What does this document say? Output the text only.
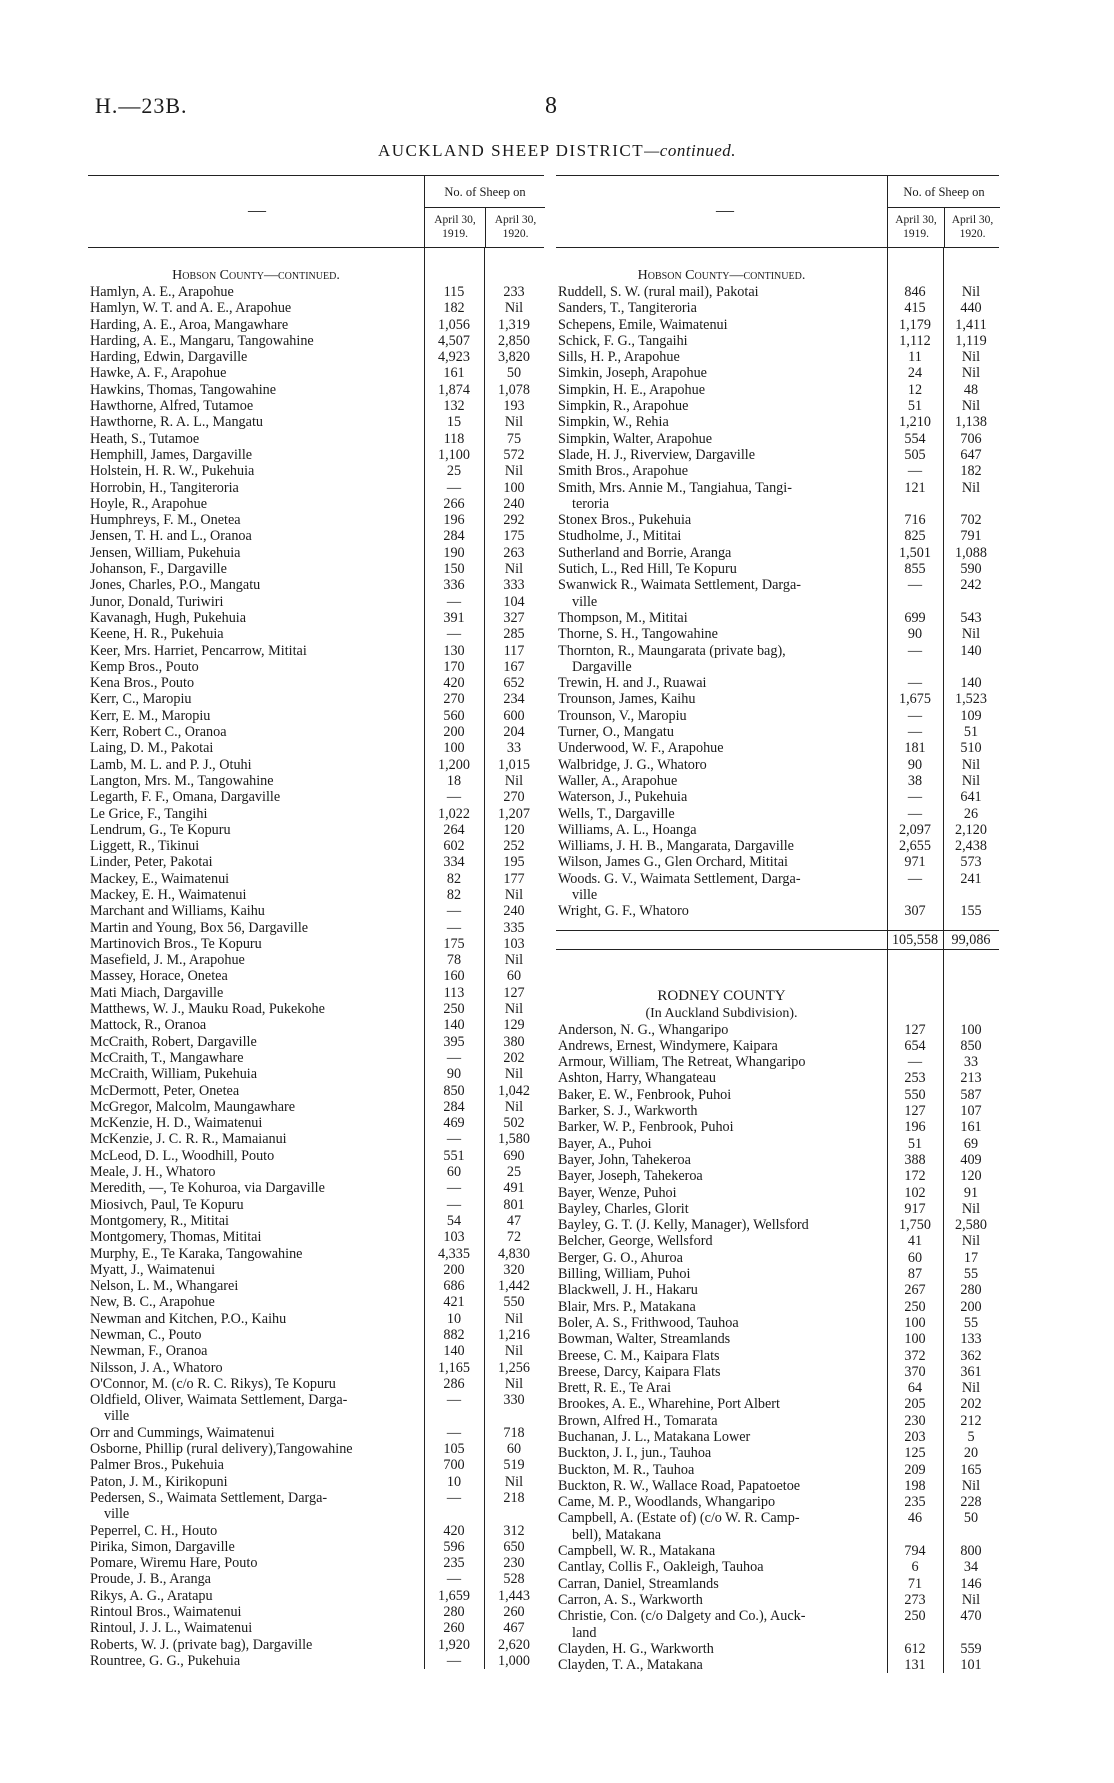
H.—23B.	8
AUCKLAND SHEEP DISTRICT—continued.
—
No. of Sheep on
April 30, 1919.
April 30, 1920.
Hobson County—continued.
Hamlyn, A. E., Arapohue	115	233
Hamlyn, W. T. and A. E., Arapohue	182	Nil
Harding, A. E., Aroa, Mangawhare	1,056	1,319
Harding, A. E., Mangaru, Tangowahine	4,507	2,850
Harding, Edwin, Dargaville	4,923	3,820
Hawke, A. F., Arapohue	161	50
Hawkins, Thomas, Tangowahine	1,874	1,078
Hawthorne, Alfred, Tutamoe	132	193
Hawthorne, R. A. L., Mangatu	15	Nil
Heath, S., Tutamoe	118	75
Hemphill, James, Dargaville	1,100	572
Holstein, H. R. W., Pukehuia	25	Nil
Horrobin, H., Tangiteroria	—	100
Hoyle, R., Arapohue	266	240
Humphreys, F. M., Onetea	196	292
Jensen, T. H. and L., Oranoa	284	175
Jensen, William, Pukehuia	190	263
Johanson, F., Dargaville	150	Nil
Jones, Charles, P.O., Mangatu	336	333
Junor, Donald, Turiwiri	—	104
Kavanagh, Hugh, Pukehuia	391	327
Keene, H. R., Pukehuia	—	285
Keer, Mrs. Harriet, Pencarrow, Mititai	130	117
Kemp Bros., Pouto	170	167
Kena Bros., Pouto	420	652
Kerr, C., Maropiu	270	234
Kerr, E. M., Maropiu	560	600
Kerr, Robert C., Oranoa	200	204
Laing, D. M., Pakotai	100	33
Lamb, M. L. and P. J., Otuhi	1,200	1,015
Langton, Mrs. M., Tangowahine	18	Nil
Legarth, F. F., Omana, Dargaville	—	270
Le Grice, F., Tangihi	1,022	1,207
Lendrum, G., Te Kopuru	264	120
Liggett, R., Tikinui	602	252
Linder, Peter, Pakotai	334	195
Mackey, E., Waimatenui	82	177
Mackey, E. H., Waimatenui	82	Nil
Marchant and Williams, Kaihu	—	240
Martin and Young, Box 56, Dargaville	—	335
Martinovich Bros., Te Kopuru	175	103
Masefield, J. M., Arapohue	78	Nil
Massey, Horace, Onetea	160	60
Mati Miach, Dargaville	113	127
Matthews, W. J., Mauku Road, Pukekohe	250	Nil
Mattock, R., Oranoa	140	129
McCraith, Robert, Dargaville	395	380
McCraith, T., Mangawhare	—	202
McCraith, William, Pukehuia	90	Nil
McDermott, Peter, Onetea	850	1,042
McGregor, Malcolm, Maungawhare	284	Nil
McKenzie, H. D., Waimatenui	469	502
McKenzie, J. C. R. R., Mamaianui	—	1,580
McLeod, D. L., Woodhill, Pouto	551	690
Meale, J. H., Whatoro	60	25
Meredith, —, Te Kohuroa, via Dargaville	—	491
Miosivch, Paul, Te Kopuru	—	801
Montgomery, R., Mititai	54	47
Montgomery, Thomas, Mititai	103	72
Murphy, E., Te Karaka, Tangowahine	4,335	4,830
Myatt, J., Waimatenui	200	320
Nelson, L. M., Whangarei	686	1,442
New, B. C., Arapohue	421	550
Newman and Kitchen, P.O., Kaihu	10	Nil
Newman, C., Pouto	882	1,216
Newman, F., Oranoa	140	Nil
Nilsson, J. A., Whatoro	1,165	1,256
O'Connor, M. (c/o R. C. Rikys), Te Kopuru	286	Nil
Oldfield, Oliver, Waimata Settlement, Darga-
ville
—	330
Orr and Cummings, Waimatenui	—	718
Osborne, Phillip (rural delivery),Tangowahine	105	60
Palmer Bros., Pukehuia	700	519
Paton, J. M., Kirikopuni	10	Nil
Pedersen, S., Waimata Settlement, Darga-
ville
—	218
Peperrel, C. H., Houto	420	312
Pirika, Simon, Dargaville	596	650
Pomare, Wiremu Hare, Pouto	235	230
Proude, J. B., Aranga	—	528
Rikys, A. G., Aratapu	1,659	1,443
Rintoul Bros., Waimatenui	280	260
Rintoul, J. J. L., Waimatenui	260	467
Roberts, W. J. (private bag), Dargaville	1,920	2,620
Rountree, G. G., Pukehuia	—	1,000
—
No. of Sheep on
April 30, 1919.
April 30, 1920.
Hobson County—continued.
Ruddell, S. W. (rural mail), Pakotai	846	Nil
Sanders, T., Tangiteroria	415	440
Schepens, Emile, Waimatenui	1,179	1,411
Schick, F. G., Tangaihi	1,112	1,119
Sills, H. P., Arapohue	11	Nil
Simkin, Joseph, Arapohue	24	Nil
Simpkin, H. E., Arapohue	12	48
Simpkin, R., Arapohue	51	Nil
Simpkin, W., Rehia	1,210	1,138
Simpkin, Walter, Arapohue	554	706
Slade, H. J., Riverview, Dargaville	505	647
Smith Bros., Arapohue	—	182
Smith, Mrs. Annie M., Tangiahua, Tangi-
teroria
121	Nil
Stonex Bros., Pukehuia	716	702
Studholme, J., Mititai	825	791
Sutherland and Borrie, Aranga	1,501	1,088
Sutich, L., Red Hill, Te Kopuru	855	590
Swanwick R., Waimata Settlement, Darga-
ville
—	242
Thompson, M., Mititai	699	543
Thorne, S. H., Tangowahine	90	Nil
Thornton, R., Maungarata (private bag),
Dargaville
—	140
Trewin, H. and J., Ruawai	—	140
Trounson, James, Kaihu	1,675	1,523
Trounson, V., Maropiu	—	109
Turner, O., Mangatu	—	51
Underwood, W. F., Arapohue	181	510
Walbridge, J. G., Whatoro	90	Nil
Waller, A., Arapohue	38	Nil
Waterson, J., Pukehuia	—	641
Wells, T., Dargaville	—	26
Williams, A. L., Hoanga	2,097	2,120
Williams, J. H. B., Mangarata, Dargaville	2,655	2,438
Wilson, James G., Glen Orchard, Mititai	971	573
Woods. G. V., Waimata Settlement, Darga-
ville
—	241
Wright, G. F., Whatoro	307	155
105,558 99,086
RODNEY COUNTY
(In Auckland Subdivision).
Anderson, N. G., Whangaripo	127	100
Andrews, Ernest, Windymere, Kaipara	654	850
Armour, William, The Retreat, Whangaripo	—	33
Ashton, Harry, Whangateau	253	213
Baker, E. W., Fenbrook, Puhoi	550	587
Barker, S. J., Warkworth	127	107
Barker, W. P., Fenbrook, Puhoi	196	161
Bayer, A., Puhoi	51	69
Bayer, John, Tahekeroa	388	409
Bayer, Joseph, Tahekeroa	172	120
Bayer, Wenze, Puhoi	102	91
Bayley, Charles, Glorit	917	Nil
Bayley, G. T. (J. Kelly, Manager), Wellsford	1,750	2,580
Belcher, George, Wellsford	41	Nil
Berger, G. O., Ahuroa	60	17
Billing, William, Puhoi	87	55
Blackwell, J. H., Hakaru	267	280
Blair, Mrs. P., Matakana	250	200
Boler, A. S., Frithwood, Tauhoa	100	55
Bowman, Walter, Streamlands	100	133
Breese, C. M., Kaipara Flats	372	362
Breese, Darcy, Kaipara Flats	370	361
Brett, R. E., Te Arai	64	Nil
Brookes, A. E., Wharehine, Port Albert	205	202
Brown, Alfred H., Tomarata	230	212
Buchanan, J. L., Matakana Lower	203	5
Buckton, J. I., jun., Tauhoa	125	20
Buckton, M. R., Tauhoa	209	165
Buckton, R. W., Wallace Road, Papatoetoe	198	Nil
Came, M. P., Woodlands, Whangaripo	235	228
Campbell, A. (Estate of) (c/o W. R. Camp-
bell), Matakana
46	50
Campbell, W. R., Matakana	794	800
Cantlay, Collis F., Oakleigh, Tauhoa	6	34
Carran, Daniel, Streamlands	71	146
Carron, A. S., Warkworth	273	Nil
Christie, Con. (c/o Dalgety and Co.), Auck-
land
250	470
Clayden, H. G., Warkworth	612	559
Clayden, T. A., Matakana	131	101
